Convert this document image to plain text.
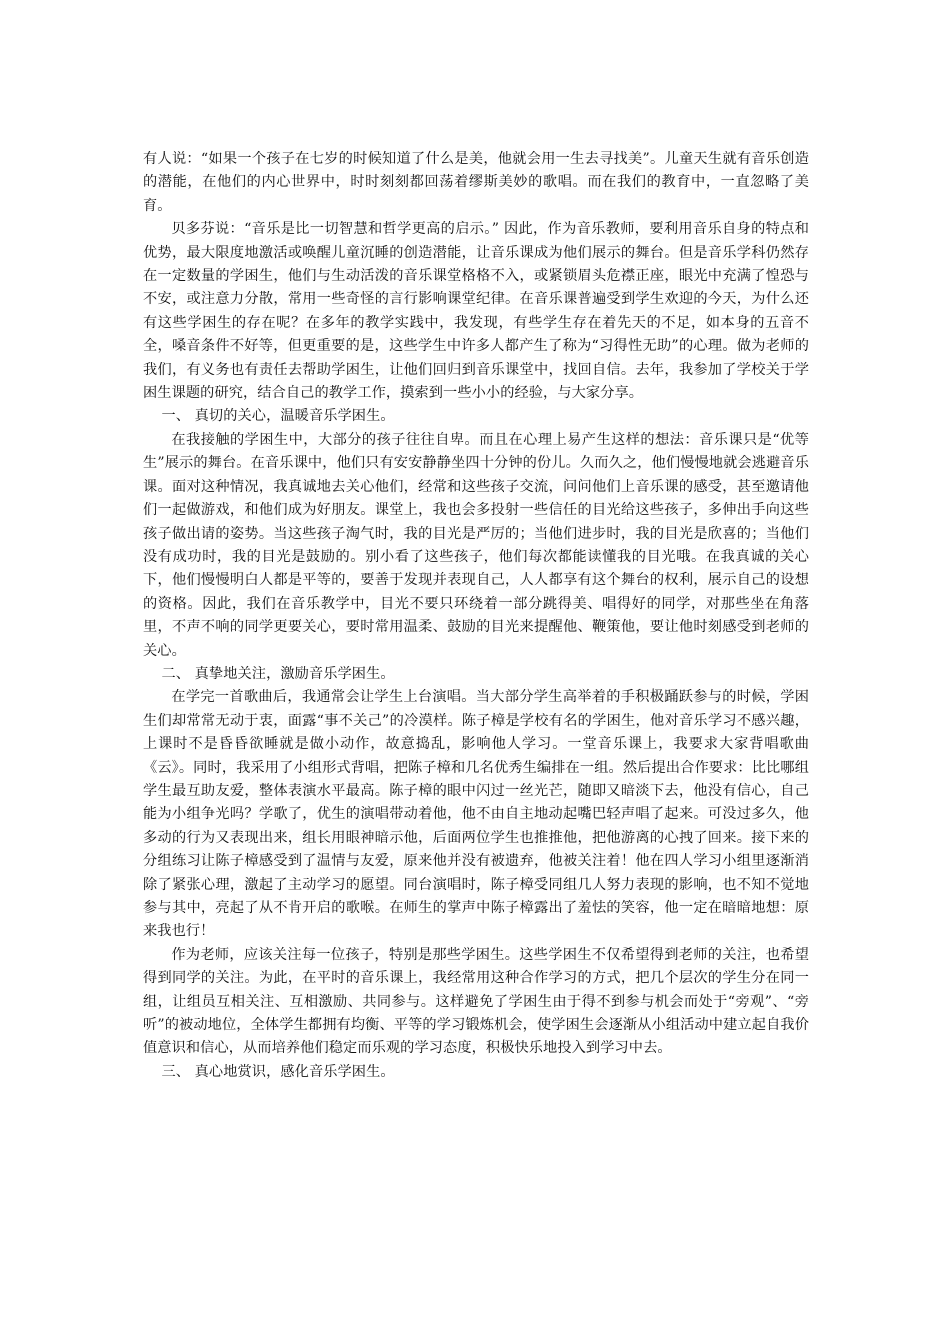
有人说：“如果一个孩子在七岁的时候知道了什么是美，他就会用一生去寻找美”。儿童天生就有音乐创造的潜能，在他们的内心世界中，时时刻刻都回荡着缪斯美妙的歌唱。而在我们的教育中，一直忽略了美育。

贝多芬说：“音乐是比一切智慧和哲学更高的启示。” 因此，作为音乐教师，要利用音乐自身的特点和优势，最大限度地激活或唤醒儿童沉睡的创造潜能，让音乐课成为他们展示的舞台。但是音乐学科仍然存在一定数量的学困生，他们与生动活泼的音乐课堂格格不入，或紧锁眉头危襟正座，眼光中充满了惶恐与不安，或注意力分散，常用一些奇怪的言行影响课堂纪律。在音乐课普遍受到学生欢迎的今天，为什么还有这些学困生的存在呢？在多年的教学实践中，我发现，有些学生存在着先天的不足，如本身的五音不全，嗓音条件不好等，但更重要的是，这些学生中许多人都产生了称为“习得性无助”的心理。做为老师的我们，有义务也有责任去帮助学困生，让他们回归到音乐课堂中，找回自信。去年，我参加了学校关于学困生课题的研究，结合自己的教学工作，摸索到一些小小的经验，与大家分享。

一、 真切的关心，温暖音乐学困生。

在我接触的学困生中，大部分的孩子往往自卑。而且在心理上易产生这样的想法：音乐课只是“优等生”展示的舞台。在音乐课中，他们只有安安静静坐四十分钟的份儿。久而久之，他们慢慢地就会逃避音乐课。面对这种情况，我真诚地去关心他们，经常和这些孩子交流，问问他们上音乐课的感受，甚至邀请他们一起做游戏，和他们成为好朋友。课堂上，我也会多投射一些信任的目光给这些孩子，多伸出手向这些孩子做出请的姿势。当这些孩子淘气时，我的目光是严厉的；当他们进步时，我的目光是欣喜的；当他们没有成功时，我的目光是鼓励的。别小看了这些孩子，他们每次都能读懂我的目光哦。在我真诚的关心下，他们慢慢明白人都是平等的，要善于发现并表现自己，人人都享有这个舞台的权利，展示自己的设想的资格。因此，我们在音乐教学中，目光不要只环绕着一部分跳得美、唱得好的同学，对那些坐在角落里，不声不响的同学更要关心，要时常用温柔、鼓励的目光来提醒他、鞭策他，要让他时刻感受到老师的关心。

二、 真挚地关注，激励音乐学困生。

在学完一首歌曲后，我通常会让学生上台演唱。当大部分学生高举着的手积极踊跃参与的时候，学困生们却常常无动于衷，面露“事不关己”的冷漠样。陈子樟是学校有名的学困生，他对音乐学习不感兴趣，上课时不是昏昏欲睡就是做小动作，故意捣乱，影响他人学习。一堂音乐课上，我要求大家背唱歌曲《云》。同时，我采用了小组形式背唱，把陈子樟和几名优秀生编排在一组。然后提出合作要求：比比哪组学生最互助友爱，整体表演水平最高。陈子樟的眼中闪过一丝光芒，随即又暗淡下去，他没有信心，自己能为小组争光吗？学歌了，优生的演唱带动着他，他不由自主地动起嘴巴轻声唱了起来。可没过多久，他多动的行为又表现出来，组长用眼神暗示他，后面两位学生也推推他，把他游离的心拽了回来。接下来的分组练习让陈子樟感受到了温情与友爱，原来他并没有被遗弃，他被关注着！他在四人学习小组里逐渐消除了紧张心理，激起了主动学习的愿望。同台演唱时，陈子樟受同组几人努力表现的影响，也不知不觉地参与其中，亮起了从不肯开启的歌喉。在师生的掌声中陈子樟露出了羞怯的笑容，他一定在暗暗地想：原来我也行！

作为老师，应该关注每一位孩子，特别是那些学困生。这些学困生不仅希望得到老师的关注，也希望得到同学的关注。为此，在平时的音乐课上，我经常用这种合作学习的方式，把几个层次的学生分在同一组，让组员互相关注、互相激励、共同参与。这样避免了学困生由于得不到参与机会而处于“旁观”、“旁听”的被动地位，全体学生都拥有均衡、平等的学习锻炼机会，使学困生会逐渐从小组活动中建立起自我价值意识和信心，从而培养他们稳定而乐观的学习态度，积极快乐地投入到学习中去。

三、 真心地赏识，感化音乐学困生。
